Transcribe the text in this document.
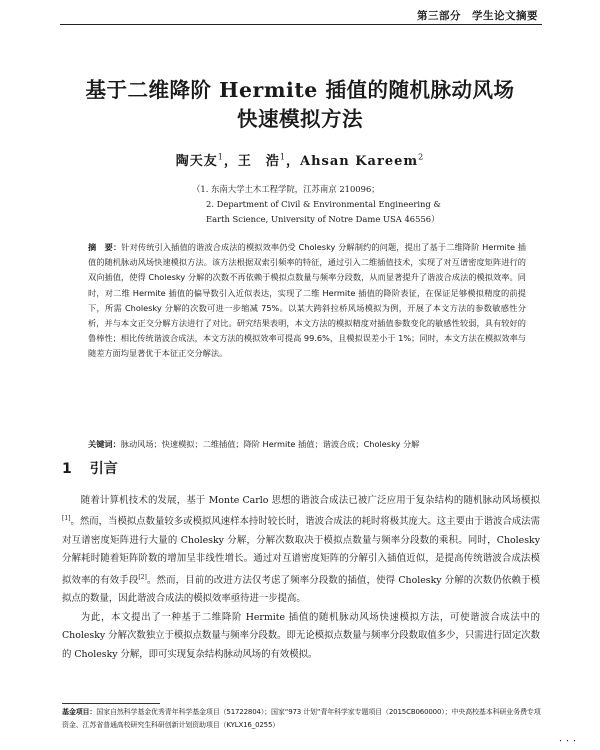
第三部分　学生论文摘要
基于二维降阶 Hermite 插值的随机脉动风场
快速模拟方法
陶天友$^1$，王　浩$^1$，Ahsan Kareem$^2$
（1. 东南大学土木工程学院，江苏南京 210096；
2. Department of Civil & Environmental Engineering &
Earth Science, University of Notre Dame USA 46556）
摘　要：针对传统引入插值的谐波合成法的模拟效率仍受 Cholesky 分解制约的问题，提出了基于二维降阶 Hermite 插值的随机脉动风场快速模拟方法。该方法根据双索引频率的特征，通过引入二维插值技术，实现了对互谱密度矩阵进行的双向插值，使得 Cholesky 分解的次数不再依赖于模拟点数量与频率分段数，从而显著提升了谐波合成法的模拟效率。同时，对二维 Hermite 插值的偏导数引入近似表达，实现了二维 Hermite 插值的降阶表征，在保证足够模拟精度的前提下，所需 Cholesky 分解的次数可进一步缩减 75%。以某大跨斜拉桥风场模拟为例，开展了本文方法的参数敏感性分析，并与本文正交分解方法进行了对比。研究结果表明，本文方法的模拟精度对插值参数变化的敏感性较弱，具有较好的鲁棒性；相比传统谐波合成法，本文方法的模拟效率可提高 99.6%，且模拟误差小于 1%；同时，本文方法在模拟效率与随差方面均显著优于本征正交分解法。
关键词：脉动风场；快速模拟；二维插值；降阶 Hermite 插值；谐波合成；Cholesky 分解
1 引言

随着计算机技术的发展，基于 Monte Carlo 思想的谐波合成法已被广泛应用于复杂结构的随机脉动风场模拟[1]。然而，当模拟点数量较多或模拟风速样本持时较长时，谐波合成法的耗时将极其庞大。这主要由于谐波合成法需对互谱密度矩阵进行大量的 Cholesky 分解，分解次数取决于模拟点数量与频率分段数的乘积。同时，Cholesky 分解耗时随着矩阵阶数的增加呈非线性增长。通过对互谱密度矩阵的分解引入插值近似，是提高传统谐波合成法模拟效率的有效手段[2]。然而，目前的改进方法仅考虑了频率分段数的插值，使得 Cholesky 分解的次数仍依赖于模拟点的数量，因此谐波合成法的模拟效率亟待进一步提高。

为此，本文提出了一种基于二维降阶 Hermite 插值的随机脉动风场快速模拟方法，可使谐波合成法中的 Cholesky 分解次数独立于模拟点数量与频率分段数。即无论模拟点数量与频率分段数取值多少，只需进行固定次数的 Cholesky 分解，即可实现复杂结构脉动风场的有效模拟。

基金项目：国家自然科学基金优秀青年科学基金项目（51722804）；国家“973 计划”青年科学家专题项目（2015CB060000）；中央高校基本科研业务费专项资金、江苏省普通高校研究生科研创新计划资助项目（KYLX16_0255）
・・・
